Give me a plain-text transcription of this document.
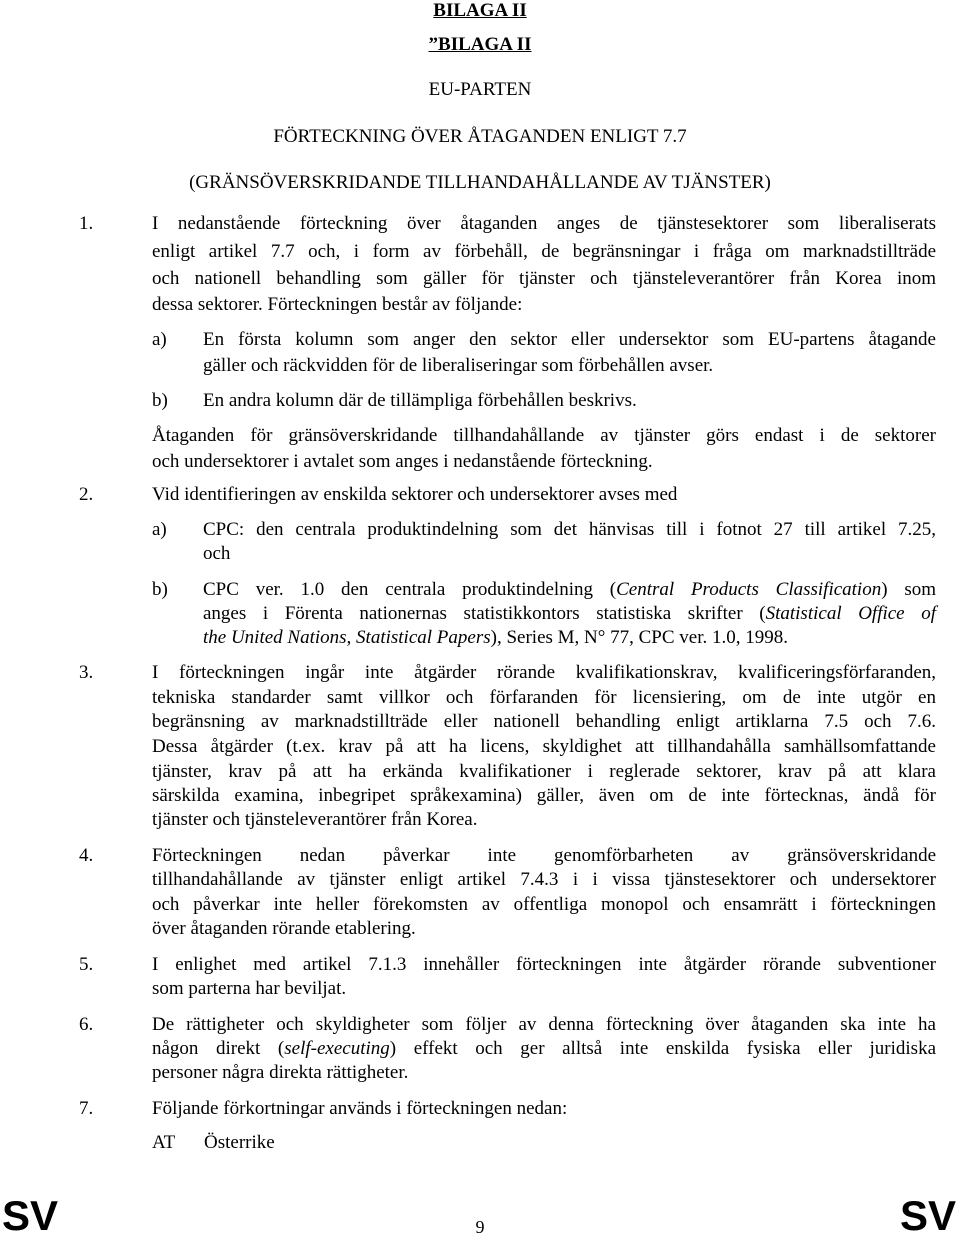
BILAGA II
”BILAGA II
EU-PARTEN
FÖRTECKNING ÖVER ÅTAGANDEN ENLIGT 7.7
(GRÄNSÖVERSKRIDANDE TILLHANDAHÅLLANDE AV TJÄNSTER)
1.	I nedanstående förteckning över åtaganden anges de tjänstesektorer som liberaliserats
enligt artikel 7.7 och, i form av förbehåll, de begränsningar i fråga om marknadstillträde
och nationell behandling som gäller för tjänster och tjänsteleverantörer från Korea inom
dessa sektorer. Förteckningen består av följande:
a) En första kolumn som anger den sektor eller undersektor som EU-partens åtagande
gäller och räckvidden för de liberaliseringar som förbehållen avser.
b) En andra kolumn där de tillämpliga förbehållen beskrivs.
Åtaganden för gränsöverskridande tillhandahållande av tjänster görs endast i de sektorer
och undersektorer i avtalet som anges i nedanstående förteckning.
2.	Vid identifieringen av enskilda sektorer och undersektorer avses med
a) CPC: den centrala produktindelning som det hänvisas till i fotnot 27 till artikel 7.25,
och
b) CPC ver. 1.0 den centrala produktindelning (Central Products Classification) som
anges i Förenta nationernas statistikkontors statistiska skrifter (Statistical Office of
the United Nations, Statistical Papers), Series M, N° 77, CPC ver. 1.0, 1998.
3.	I förteckningen ingår inte åtgärder rörande kvalifikationskrav, kvalificeringsförfaranden,
tekniska standarder samt villkor och förfaranden för licensiering, om de inte utgör en
begränsning av marknadstillträde eller nationell behandling enligt artiklarna 7.5 och 7.6.
Dessa åtgärder (t.ex. krav på att ha licens, skyldighet att tillhandahålla samhällsomfattande
tjänster, krav på att ha erkända kvalifikationer i reglerade sektorer, krav på att klara
särskilda examina, inbegripet språkexamina) gäller, även om de inte förtecknas, ändå för
tjänster och tjänsteleverantörer från Korea.
4.	Förteckningen nedan påverkar inte genomförbarheten av gränsöverskridande
tillhandahållande av tjänster enligt artikel 7.4.3 i i vissa tjänstesektorer och undersektorer
och påverkar inte heller förekomsten av offentliga monopol och ensamrätt i förteckningen
över åtaganden rörande etablering.
5.	I enlighet med artikel 7.1.3 innehåller förteckningen inte åtgärder rörande subventioner
som parterna har beviljat.
6.	De rättigheter och skyldigheter som följer av denna förteckning över åtaganden ska inte ha
någon direkt (self-executing) effekt och ger alltså inte enskilda fysiska eller juridiska
personer några direkta rättigheter.
7.	Följande förkortningar används i förteckningen nedan:
AT Österrike
SV	9	SV
